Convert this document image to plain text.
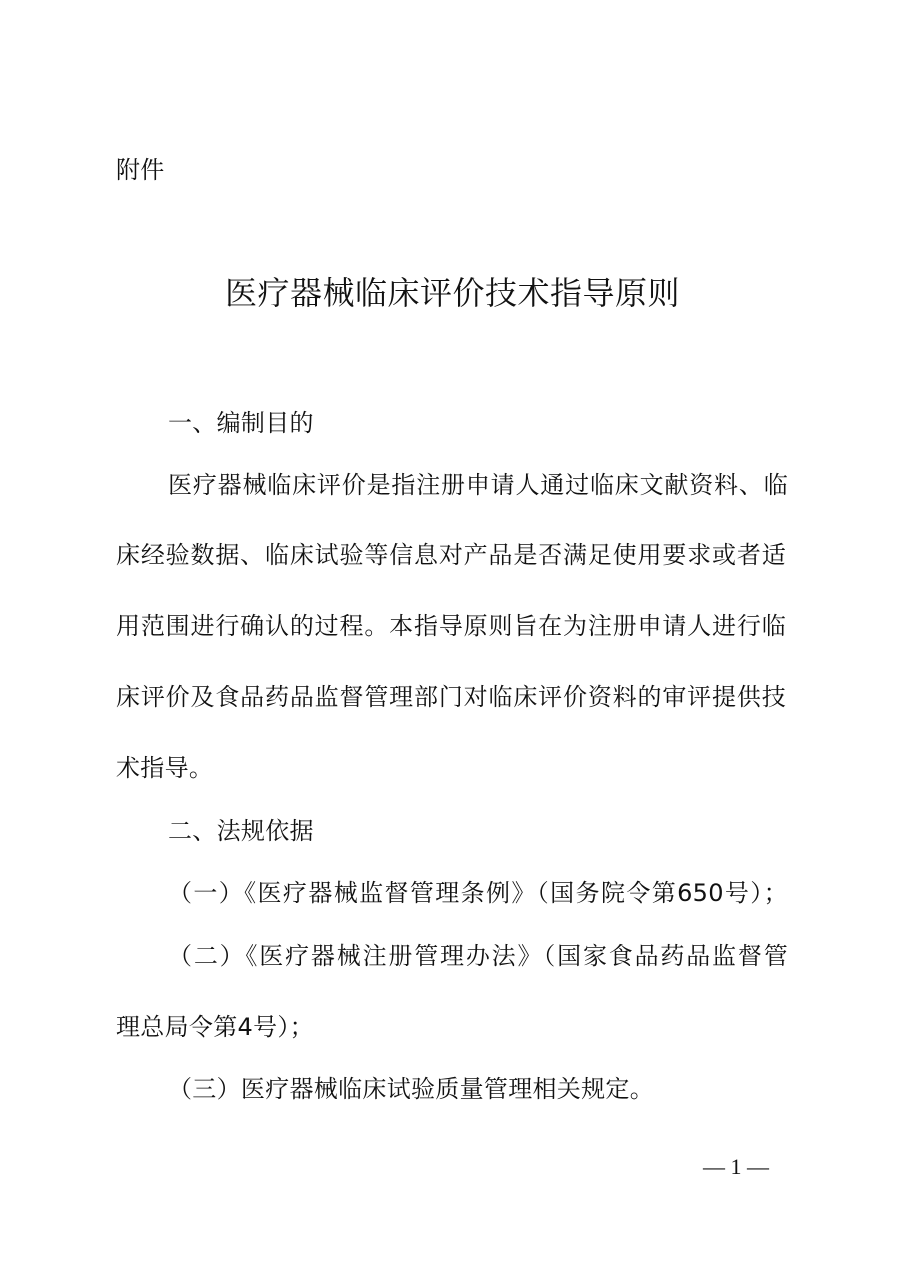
附件
医疗器械临床评价技术指导原则
一、编制目的
医疗器械临床评价是指注册申请人通过临床文献资料、临
床经验数据、临床试验等信息对产品是否满足使用要求或者适
用范围进行确认的过程。本指导原则旨在为注册申请人进行临
床评价及食品药品监督管理部门对临床评价资料的审评提供技
术指导。
二、法规依据
（一）《医疗器械监督管理条例》（国务院令第650号）；
（二）《医疗器械注册管理办法》（国家食品药品监督管
理总局令第4号）；
（三）医疗器械临床试验质量管理相关规定。
— 1 —
